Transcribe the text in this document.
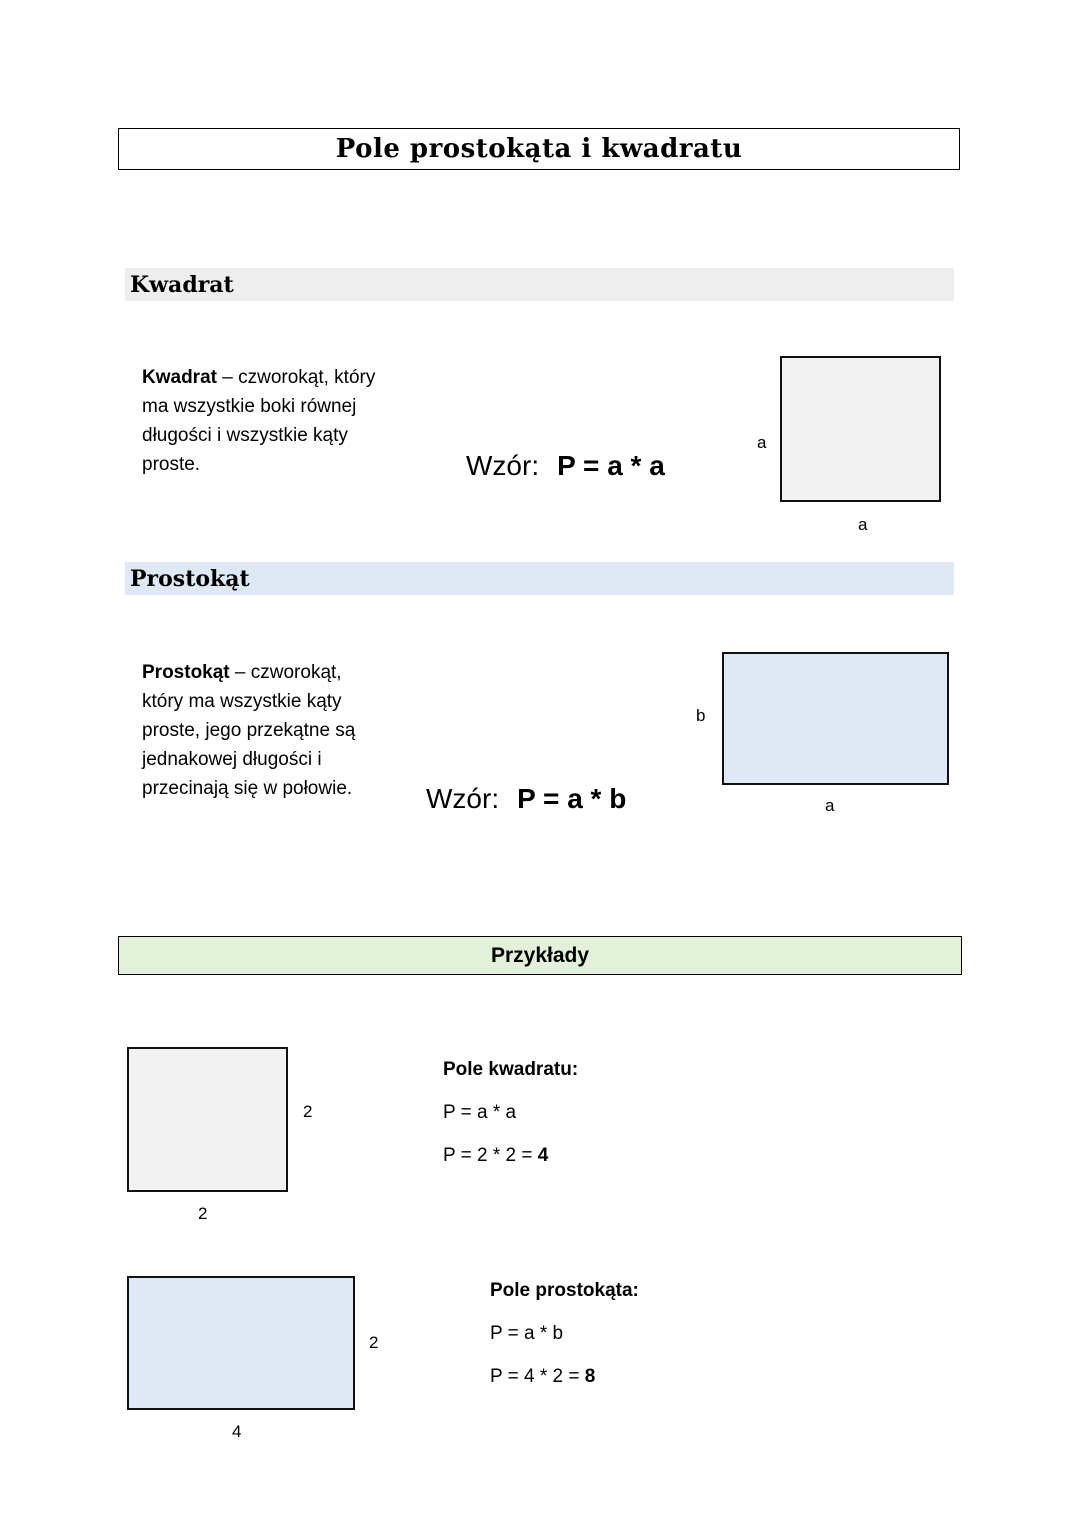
Pole prostokąta i kwadratu
Kwadrat
Kwadrat – czworokąt, który ma wszystkie boki równej długości i wszystkie kąty proste.	Wzór: P = a * a
a
a
Prostokąt
Prostokąt – czworokąt, który ma wszystkie kąty proste, jego przekątne są jednakowej długości i przecinają się w połowie.	Wzór: P = a * b
b
a
Przykłady
2
2
Pole kwadratu:
P = a * a
P = 2 * 2 = 4
2
4
Pole prostokąta:
P = a * b
P = 4 * 2 = 8
